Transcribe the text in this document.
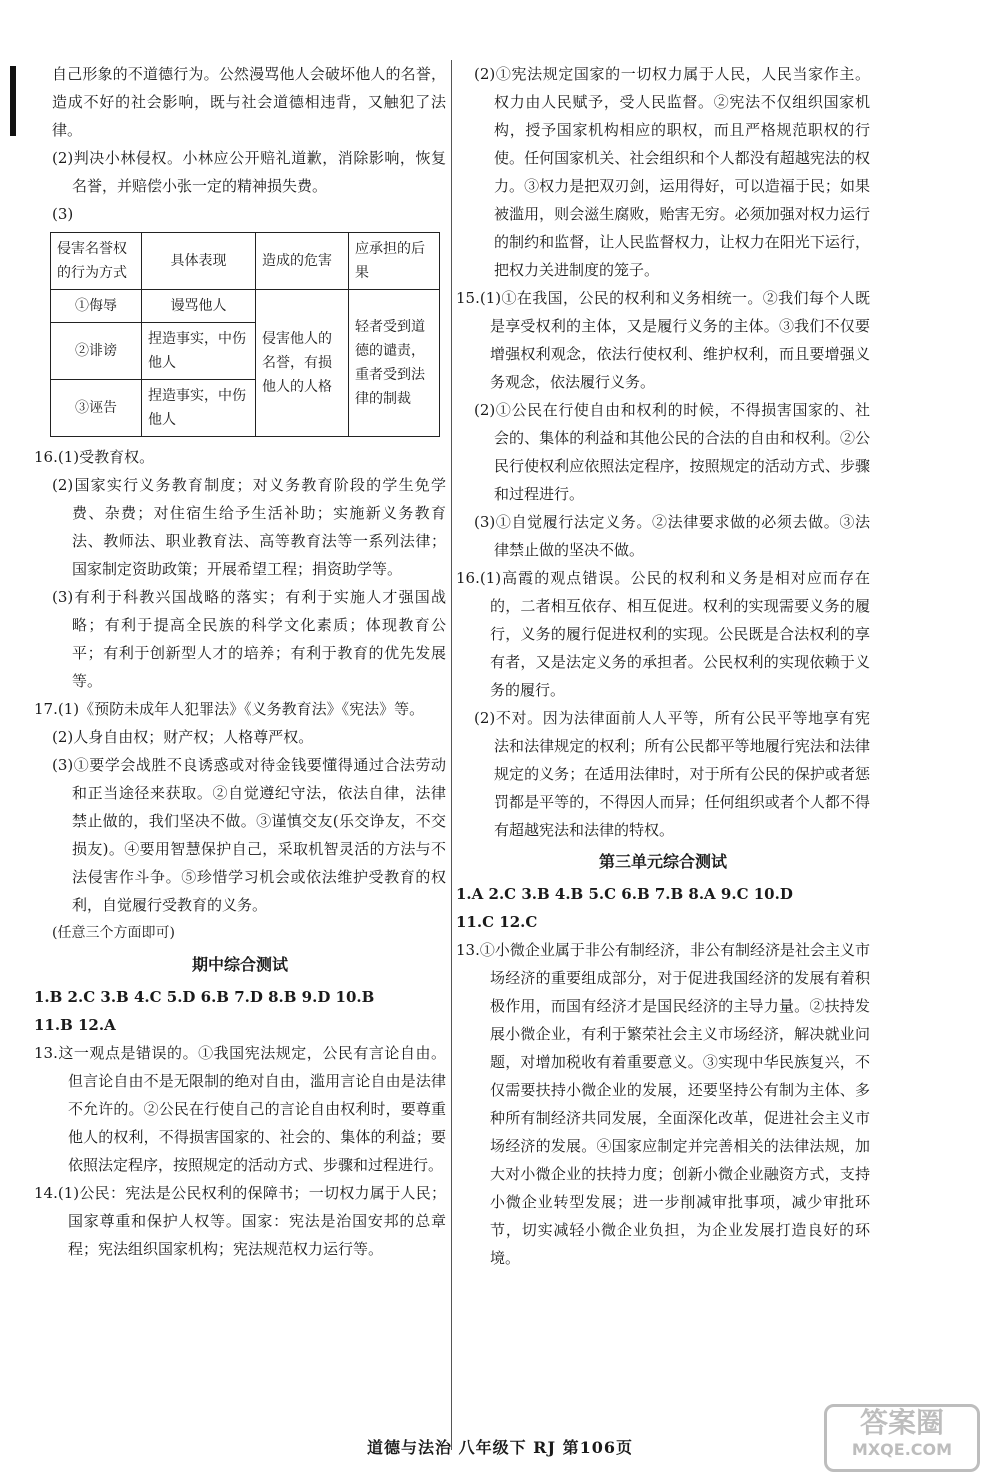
自己形象的不道德行为。公然漫骂他人会破坏他人的名誉，造成不好的社会影响，既与社会道德相违背，又触犯了法律。

(2)判决小林侵权。小林应公开赔礼道歉，消除影响，恢复名誉，并赔偿小张一定的精神损失费。

(3)

侵害名誉权的行为方式	具体表现	造成的危害	应承担的后果
①侮辱	谩骂他人	侵害他人的名誉，有损他人的人格	轻者受到道德的谴责，重者受到法律的制裁
②诽谤	捏造事实，中伤他人		
③诬告	捏造事实，中伤他人		

16.(1)受教育权。

(2)国家实行义务教育制度；对义务教育阶段的学生免学费、杂费；对住宿生给予生活补助；实施新义务教育法、教师法、职业教育法、高等教育法等一系列法律；国家制定资助政策；开展希望工程；捐资助学等。

(3)有利于科教兴国战略的落实；有利于实施人才强国战略；有利于提高全民族的科学文化素质；体现教育公平；有利于创新型人才的培养；有利于教育的优先发展等。

17.(1)《预防未成年人犯罪法》《义务教育法》《宪法》等。

(2)人身自由权；财产权；人格尊严权。

(3)①要学会战胜不良诱惑或对待金钱要懂得通过合法劳动和正当途径来获取。②自觉遵纪守法，依法自律，法律禁止做的，我们坚决不做。③谨慎交友(乐交诤友，不交损友)。④要用智慧保护自己，采取机智灵活的方法与不法侵害作斗争。⑤珍惜学习机会或依法维护受教育的权利，自觉履行受教育的义务。

(任意三个方面即可)

期中综合测试

1.B 2.C 3.B 4.C 5.D 6.B 7.D 8.B 9.D 10.B

11.B 12.A

13.这一观点是错误的。①我国宪法规定，公民有言论自由。但言论自由不是无限制的绝对自由，滥用言论自由是法律不允许的。②公民在行使自己的言论自由权利时，要尊重他人的权利，不得损害国家的、社会的、集体的利益；要依照法定程序，按照规定的活动方式、步骤和过程进行。

14.(1)公民：宪法是公民权利的保障书；一切权力属于人民；国家尊重和保护人权等。国家：宪法是治国安邦的总章程；宪法组织国家机构；宪法规范权力运行等。

(2)①宪法规定国家的一切权力属于人民，人民当家作主。权力由人民赋予，受人民监督。②宪法不仅组织国家机构，授予国家机构相应的职权，而且严格规范职权的行使。任何国家机关、社会组织和个人都没有超越宪法的权力。③权力是把双刃剑，运用得好，可以造福于民；如果被滥用，则会滋生腐败，贻害无穷。必须加强对权力运行的制约和监督，让人民监督权力，让权力在阳光下运行，把权力关进制度的笼子。

15.(1)①在我国，公民的权利和义务相统一。②我们每个人既是享受权利的主体，又是履行义务的主体。③我们不仅要增强权利观念，依法行使权利、维护权利，而且要增强义务观念，依法履行义务。

(2)①公民在行使自由和权利的时候，不得损害国家的、社会的、集体的利益和其他公民的合法的自由和权利。②公民行使权利应依照法定程序，按照规定的活动方式、步骤和过程进行。

(3)①自觉履行法定义务。②法律要求做的必须去做。③法律禁止做的坚决不做。

16.(1)高霞的观点错误。公民的权利和义务是相对应而存在的，二者相互依存、相互促进。权利的实现需要义务的履行，义务的履行促进权利的实现。公民既是合法权利的享有者，又是法定义务的承担者。公民权利的实现依赖于义务的履行。

(2)不对。因为法律面前人人平等，所有公民平等地享有宪法和法律规定的权利；所有公民都平等地履行宪法和法律规定的义务；在适用法律时，对于所有公民的保护或者惩罚都是平等的，不得因人而异；任何组织或者个人都不得有超越宪法和法律的特权。

第三单元综合测试

1.A 2.C 3.B 4.B 5.C 6.B 7.B 8.A 9.C 10.D

11.C 12.C

13.①小微企业属于非公有制经济，非公有制经济是社会主义市场经济的重要组成部分，对于促进我国经济的发展有着积极作用，而国有经济才是国民经济的主导力量。②扶持发展小微企业，有利于繁荣社会主义市场经济，解决就业问题，对增加税收有着重要意义。③实现中华民族复兴，不仅需要扶持小微企业的发展，还要坚持公有制为主体、多种所有制经济共同发展，全面深化改革，促进社会主义市场经济的发展。④国家应制定并完善相关的法律法规，加大对小微企业的扶持力度；创新小微企业融资方式，支持小微企业转型发展；进一步削减审批事项，减少审批环节，切实减轻小微企业负担，为企业发展打造良好的环境。

道德与法治 八年级下 RJ 第106页
答案圈
MXQE.COM
